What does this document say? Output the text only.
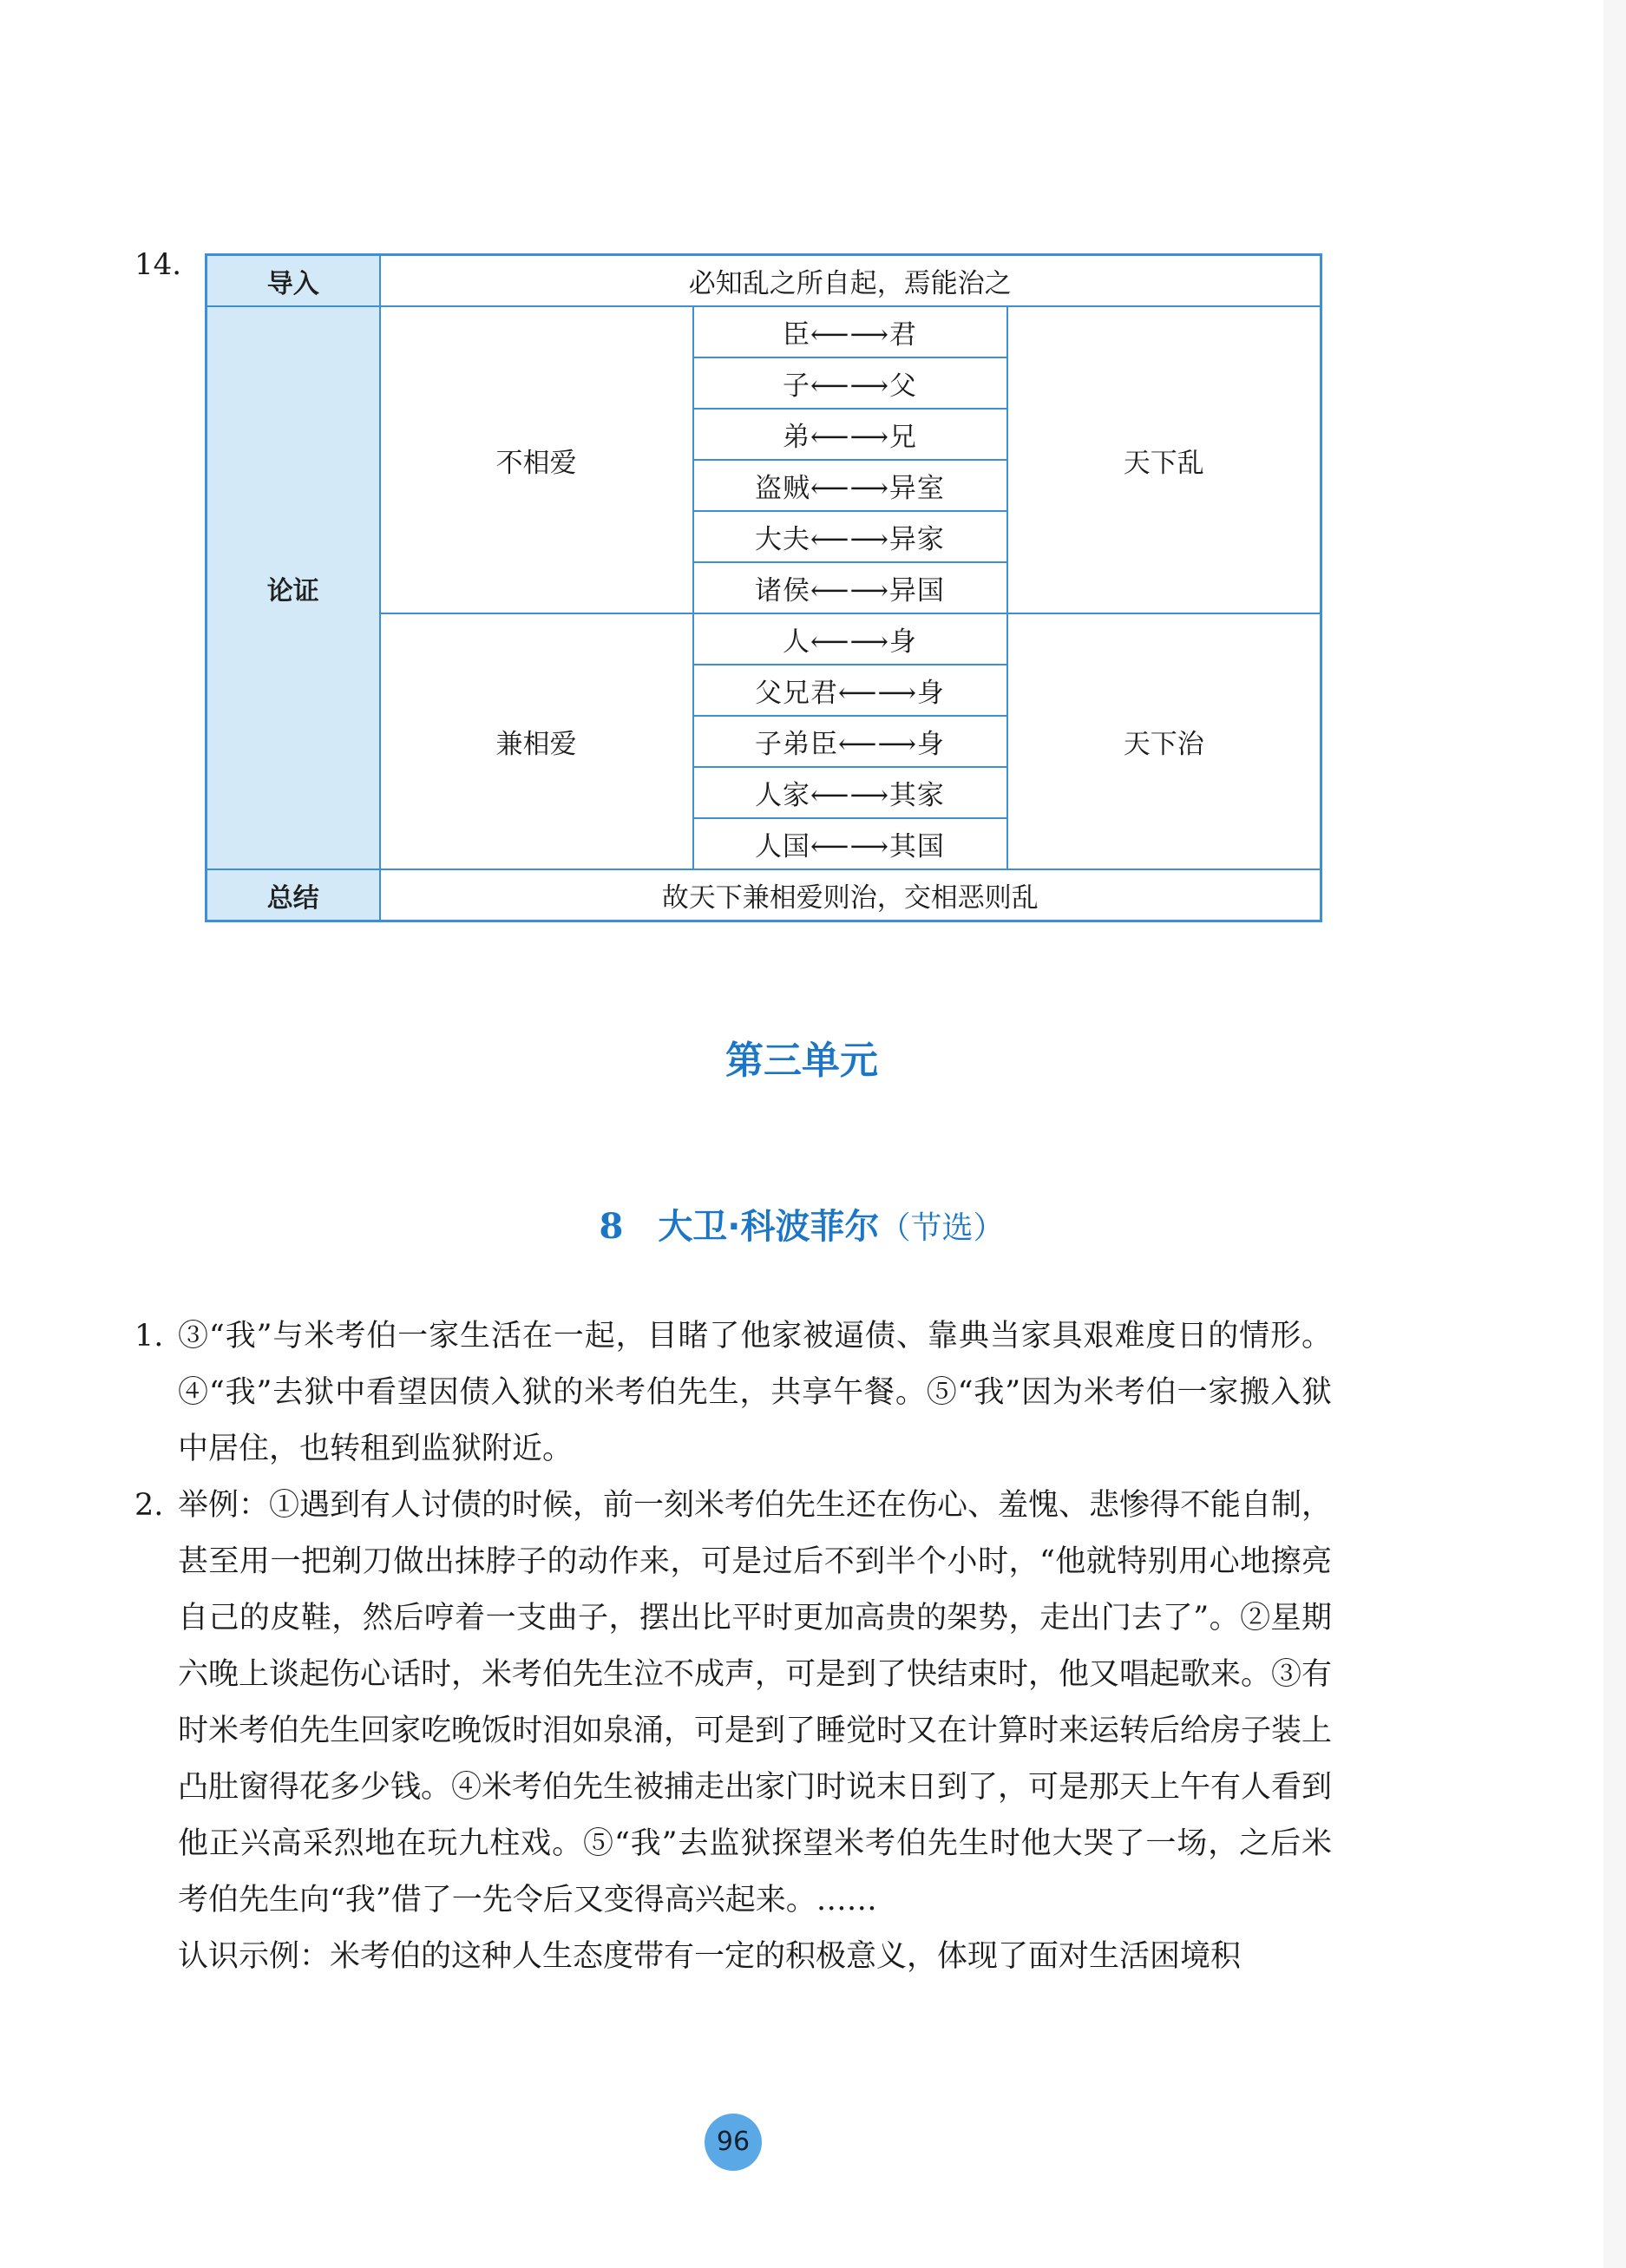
14.
导入	必知乱之所自起，焉能治之		
论证	不相爱	臣⟵⟶君	天下乱
		子⟵⟶父	
		弟⟵⟶兄	
		盗贼⟵⟶异室	
		大夫⟵⟶异家	
		诸侯⟵⟶异国	
	兼相爱	人⟵⟶身	天下治
		父兄君⟵⟶身	
		子弟臣⟵⟶身	
		人家⟵⟶其家	
		人国⟵⟶其国	
总结	故天下兼相爱则治，交相恶则乱		
第三单元
8 大卫·科波菲尔（节选）
1. ③“我”与米考伯一家生活在一起，目睹了他家被逼债、靠典当家具艰难度日的情形。④“我”去狱中看望因债入狱的米考伯先生，共享午餐。⑤“我”因为米考伯一家搬入狱中居住，也转租到监狱附近。

2. 举例：①遇到有人讨债的时候，前一刻米考伯先生还在伤心、羞愧、悲惨得不能自制，甚至用一把剃刀做出抹脖子的动作来，可是过后不到半个小时，“他就特别用心地擦亮自己的皮鞋，然后哼着一支曲子，摆出比平时更加高贵的架势，走出门去了”。②星期六晚上谈起伤心话时，米考伯先生泣不成声，可是到了快结束时，他又唱起歌来。③有时米考伯先生回家吃晚饭时泪如泉涌，可是到了睡觉时又在计算时来运转后给房子装上凸肚窗得花多少钱。④米考伯先生被捕走出家门时说末日到了，可是那天上午有人看到他正兴高采烈地在玩九柱戏。⑤“我”去监狱探望米考伯先生时他大哭了一场，之后米考伯先生向“我”借了一先令后又变得高兴起来。……

认识示例：米考伯的这种人生态度带有一定的积极意义，体现了面对生活困境积
96
